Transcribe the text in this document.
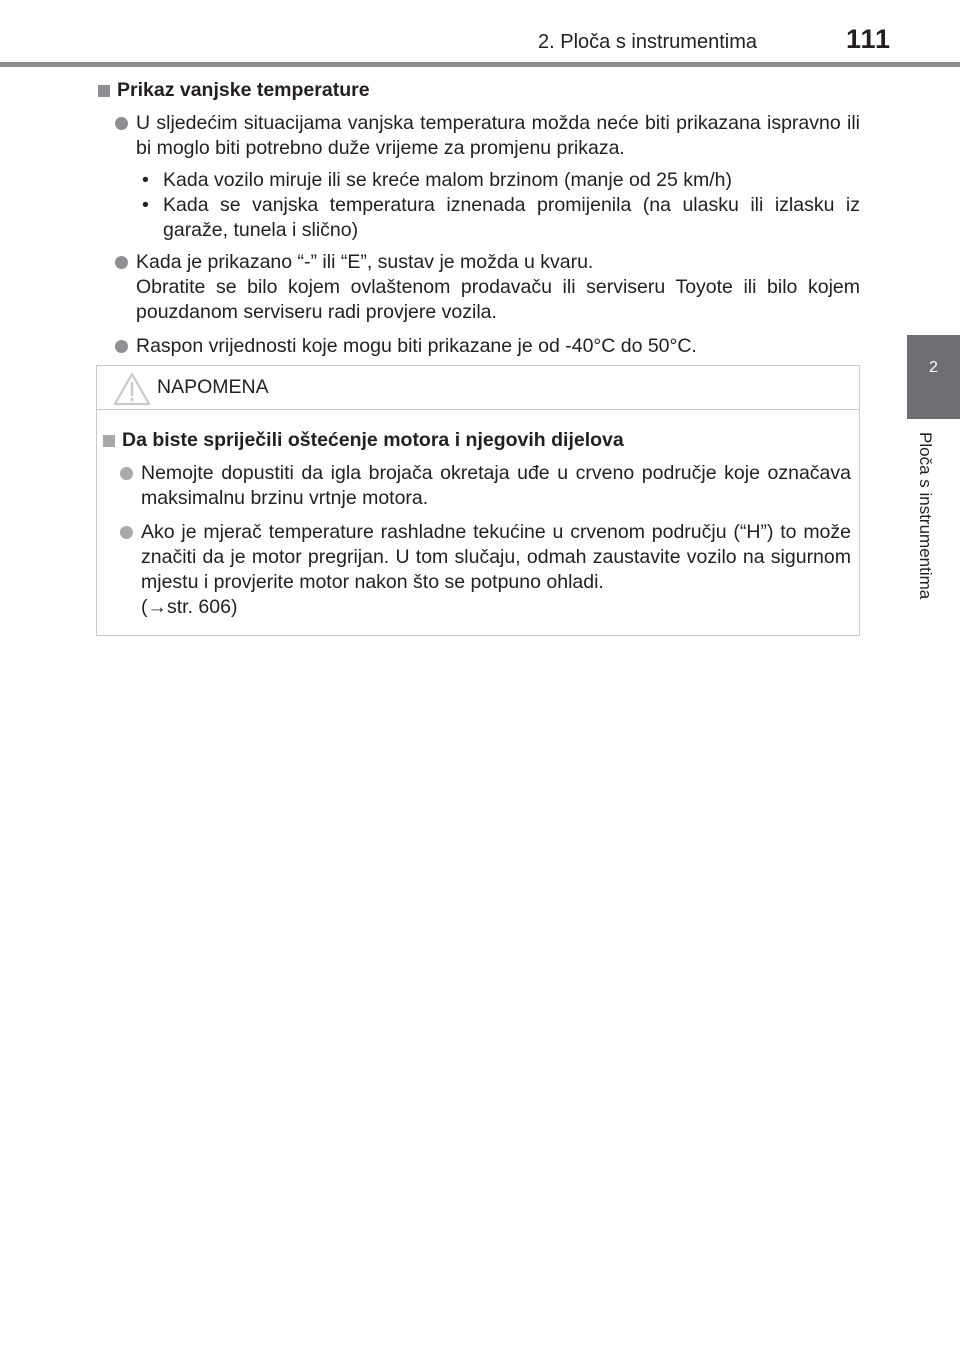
2. Ploča s instrumentima	111
2
Ploča s instrumentima
Prikaz vanjske temperature

U sljedećim situacijama vanjska temperatura možda neće biti prikazana ispravno ili bi moglo biti potrebno duže vrijeme za promjenu prikaza.

• Kada vozilo miruje ili se kreće malom brzinom (manje od 25 km/h)
• Kada se vanjska temperatura iznenada promijenila (na ulasku ili izlasku iz garaže, tunela i slično)

Kada je prikazano “-” ili “E”, sustav je možda u kvaru.

Obratite se bilo kojem ovlaštenom prodavaču ili serviseru Toyote ili bilo kojem pouzdanom serviseru radi provjere vozila.

Raspon vrijednosti koje mogu biti prikazane je od -40°C do 50°C.

NAPOMENA
Da biste spriječili oštećenje motora i njegovih dijelova

Nemojte dopustiti da igla brojača okretaja uđe u crveno područje koje označava maksimalnu brzinu vrtnje motora.

Ako je mjerač temperature rashladne tekućine u crvenom području (“H”) to može značiti da je motor pregrijan. U tom slučaju, odmah zaustavite vozilo na sigurnom mjestu i provjerite motor nakon što se potpuno ohladi.

(→str. 606)
